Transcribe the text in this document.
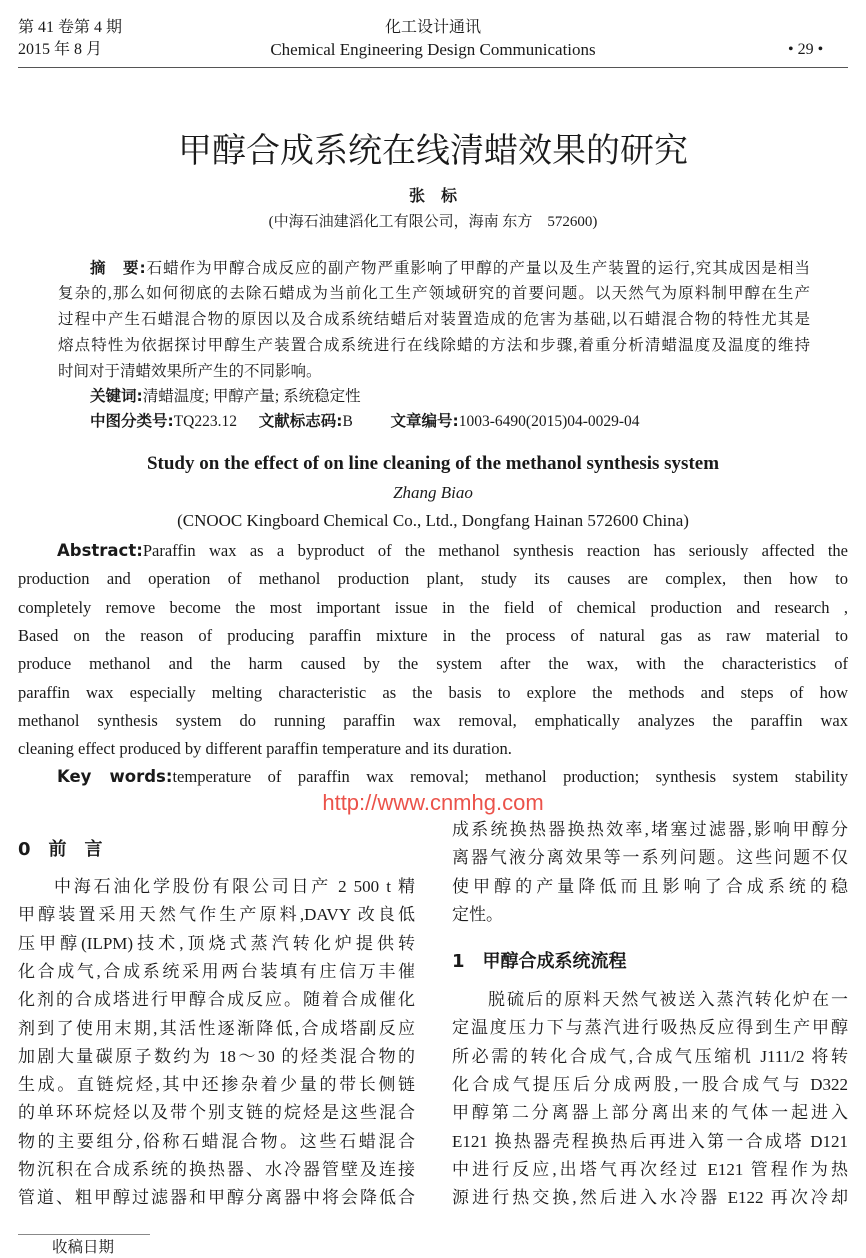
第 41 卷第 4 期
2015 年 8 月
化工设计通讯
Chemical Engineering Design Communications	• 29 •
甲醇合成系统在线清蜡效果的研究
张　标
(中海石油建滔化工有限公司，海南 东方　572600)
摘　要:石蜡作为甲醇合成反应的副产物严重影响了甲醇的产量以及生产装置的运行,究其成因是相当
复杂的,那么如何彻底的去除石蜡成为当前化工生产领域研究的首要问题。以天然气为原料制甲醇在生产
过程中产生石蜡混合物的原因以及合成系统结蜡后对装置造成的危害为基础,以石蜡混合物的特性尤其是
熔点特性为依据探讨甲醇生产装置合成系统进行在线除蜡的方法和步骤,着重分析清蜡温度及温度的维持
时间对于清蜡效果所产生的不同影响。
关键词:清蜡温度; 甲醇产量; 系统稳定性
中图分类号:TQ223.12 文献标志码:B 文章编号:1003-6490(2015)04-0029-04
Study on the effect of on line cleaning of the methanol synthesis system
Zhang Biao
(CNOOC Kingboard Chemical Co., Ltd., Dongfang Hainan 572600 China)
Abstract:Paraffin wax as a byproduct of the methanol synthesis reaction has seriously affected the
production and operation of methanol production plant, study its causes are complex, then how to
completely remove become the most important issue in the field of chemical production and research ,
Based on the reason of producing paraffin mixture in the process of natural gas as raw material to
produce methanol and the harm caused by the system after the wax, with the characteristics of
paraffin wax especially melting characteristic as the basis to explore the methods and steps of how
methanol synthesis system do running paraffin wax removal, emphatically analyzes the paraffin wax
cleaning effect produced by different paraffin temperature and its duration.
Key words:temperature of paraffin wax removal; methanol production; synthesis system stability
0　前　言
中海石油化学股份有限公司日产 2 500 t 精
甲醇装置采用天然气作生产原料,DAVY 改良低
压甲醇(ILPM)技术,顶烧式蒸汽转化炉提供转
化合成气,合成系统采用两台装填有庄信万丰催
化剂的合成塔进行甲醇合成反应。随着合成催化
剂到了使用末期,其活性逐渐降低,合成塔副反应
加剧大量碳原子数约为 18～30 的烃类混合物的
生成。直链烷烃,其中还掺杂着少量的带长侧链
的单环环烷烃以及带个别支链的烷烃是这些混合
物的主要组分,俗称石蜡混合物。这些石蜡混合
物沉积在合成系统的换热器、水冷器管壁及连接
管道、粗甲醇过滤器和甲醇分离器中将会降低合
成系统换热器换热效率,堵塞过滤器,影响甲醇分
离器气液分离效果等一系列问题。这些问题不仅
使甲醇的产量降低而且影响了合成系统的稳
定性。
脱硫后的原料天然气被送入蒸汽转化炉在一
定温度压力下与蒸汽进行吸热反应得到生产甲醇
所必需的转化合成气,合成气压缩机 J111/2 将转
化合成气提压后分成两股,一股合成气与 D322
甲醇第二分离器上部分离出来的气体一起进入
E121 换热器壳程换热后再进入第一合成塔 D121
中进行反应,出塔气再次经过 E121 管程作为热
源进行热交换,然后进入水冷器 E122 再次冷却
1　甲醇合成系统流程
收稿日期
http://www.cnmhg.com
